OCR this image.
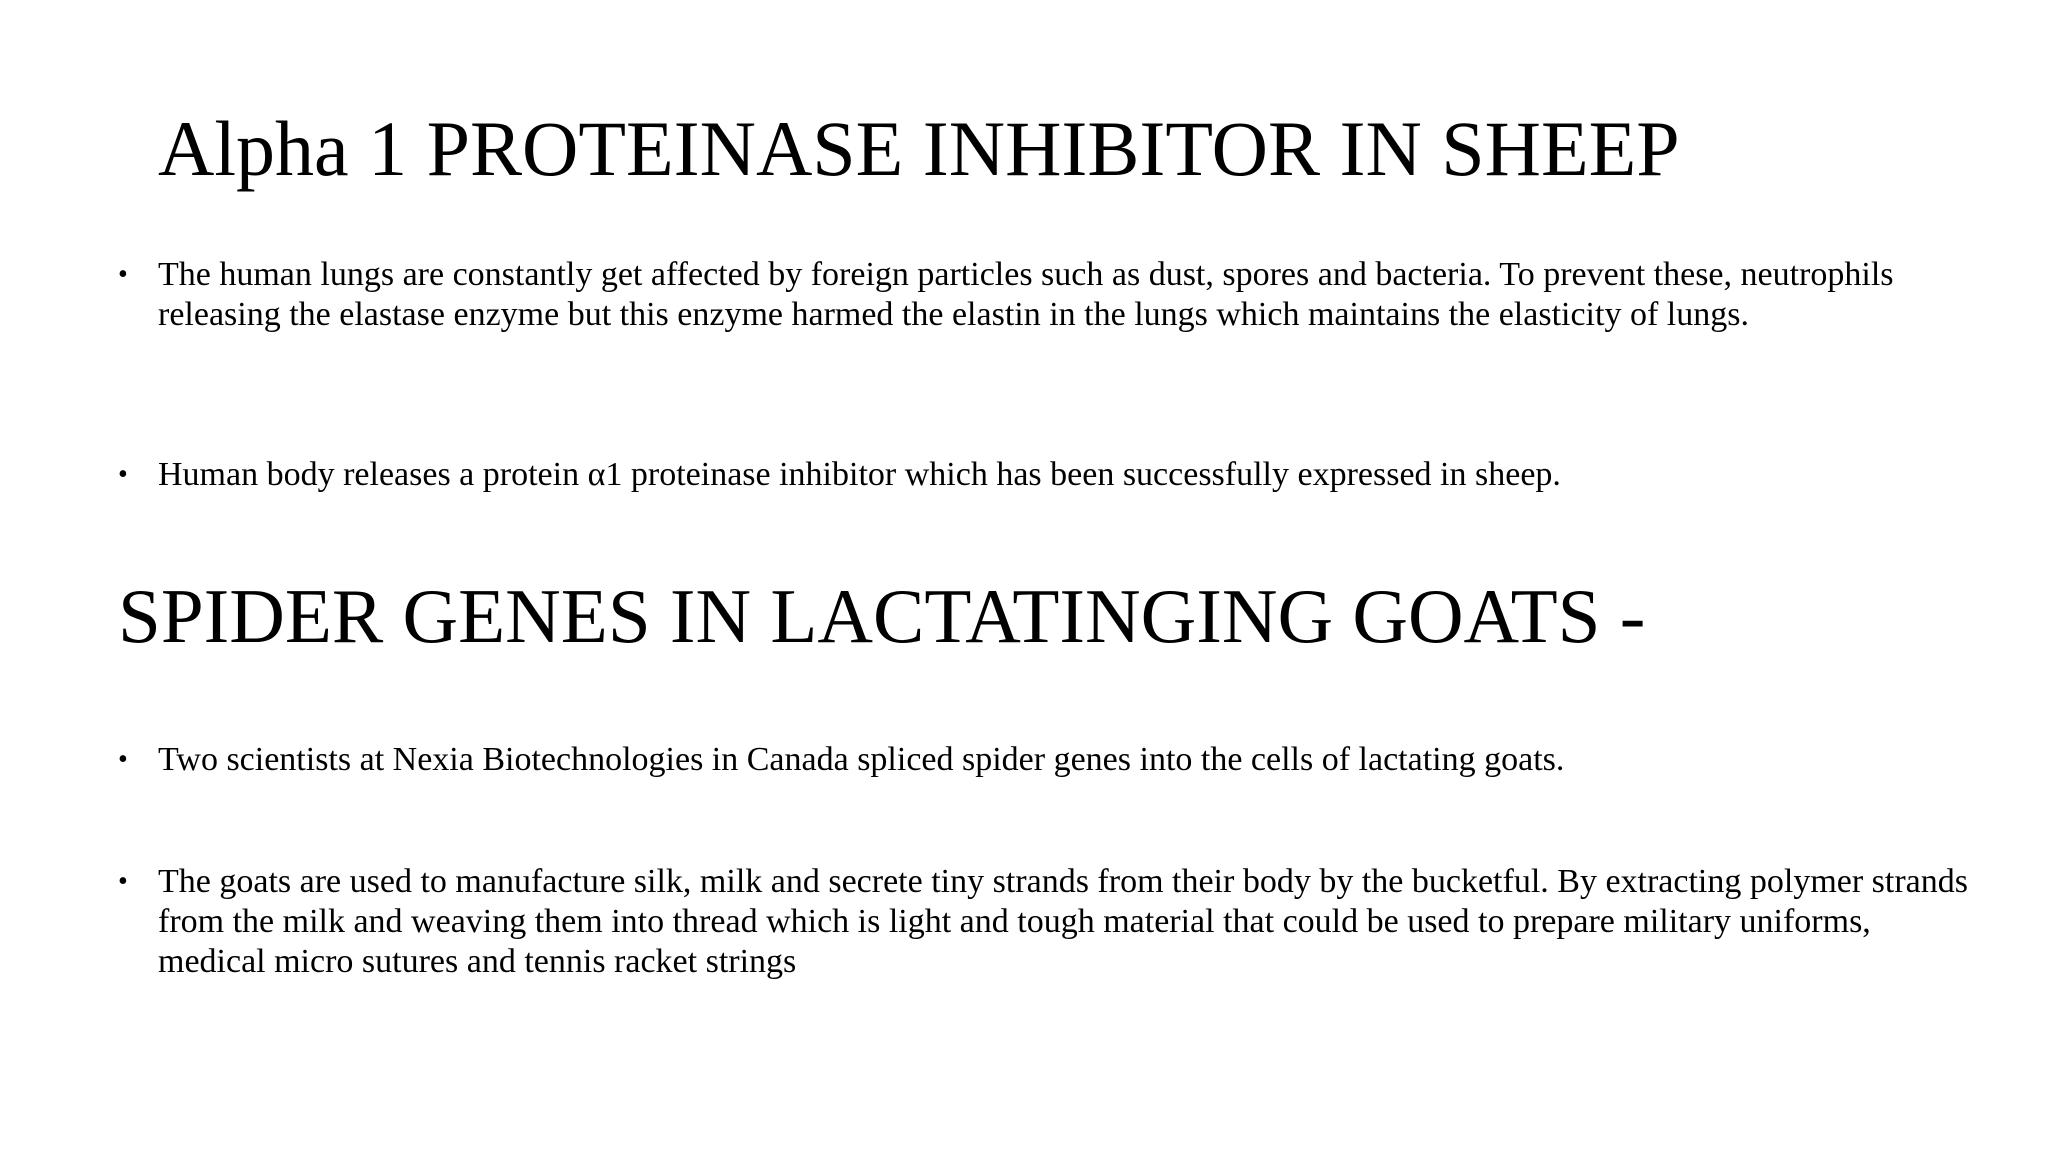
Alpha 1 PROTEINASE INHIBITOR IN SHEEP
• The human lungs are constantly get affected by foreign particles such as dust, spores and bacteria. To prevent these, neutrophils releasing the elastase enzyme but this enzyme harmed the elastin in the lungs which maintains the elasticity of lungs.
• Human body releases a protein α1 proteinase inhibitor which has been successfully expressed in sheep.
SPIDER GENES IN LACTATINGING GOATS -
• Two scientists at Nexia Biotechnologies in Canada spliced spider genes into the cells of lactating goats.
• The goats are used to manufacture silk, milk and secrete tiny strands from their body by the bucketful. By extracting polymer strands from the milk and weaving them into thread which is light and tough material that could be used to prepare military uniforms, medical micro sutures and tennis racket strings
